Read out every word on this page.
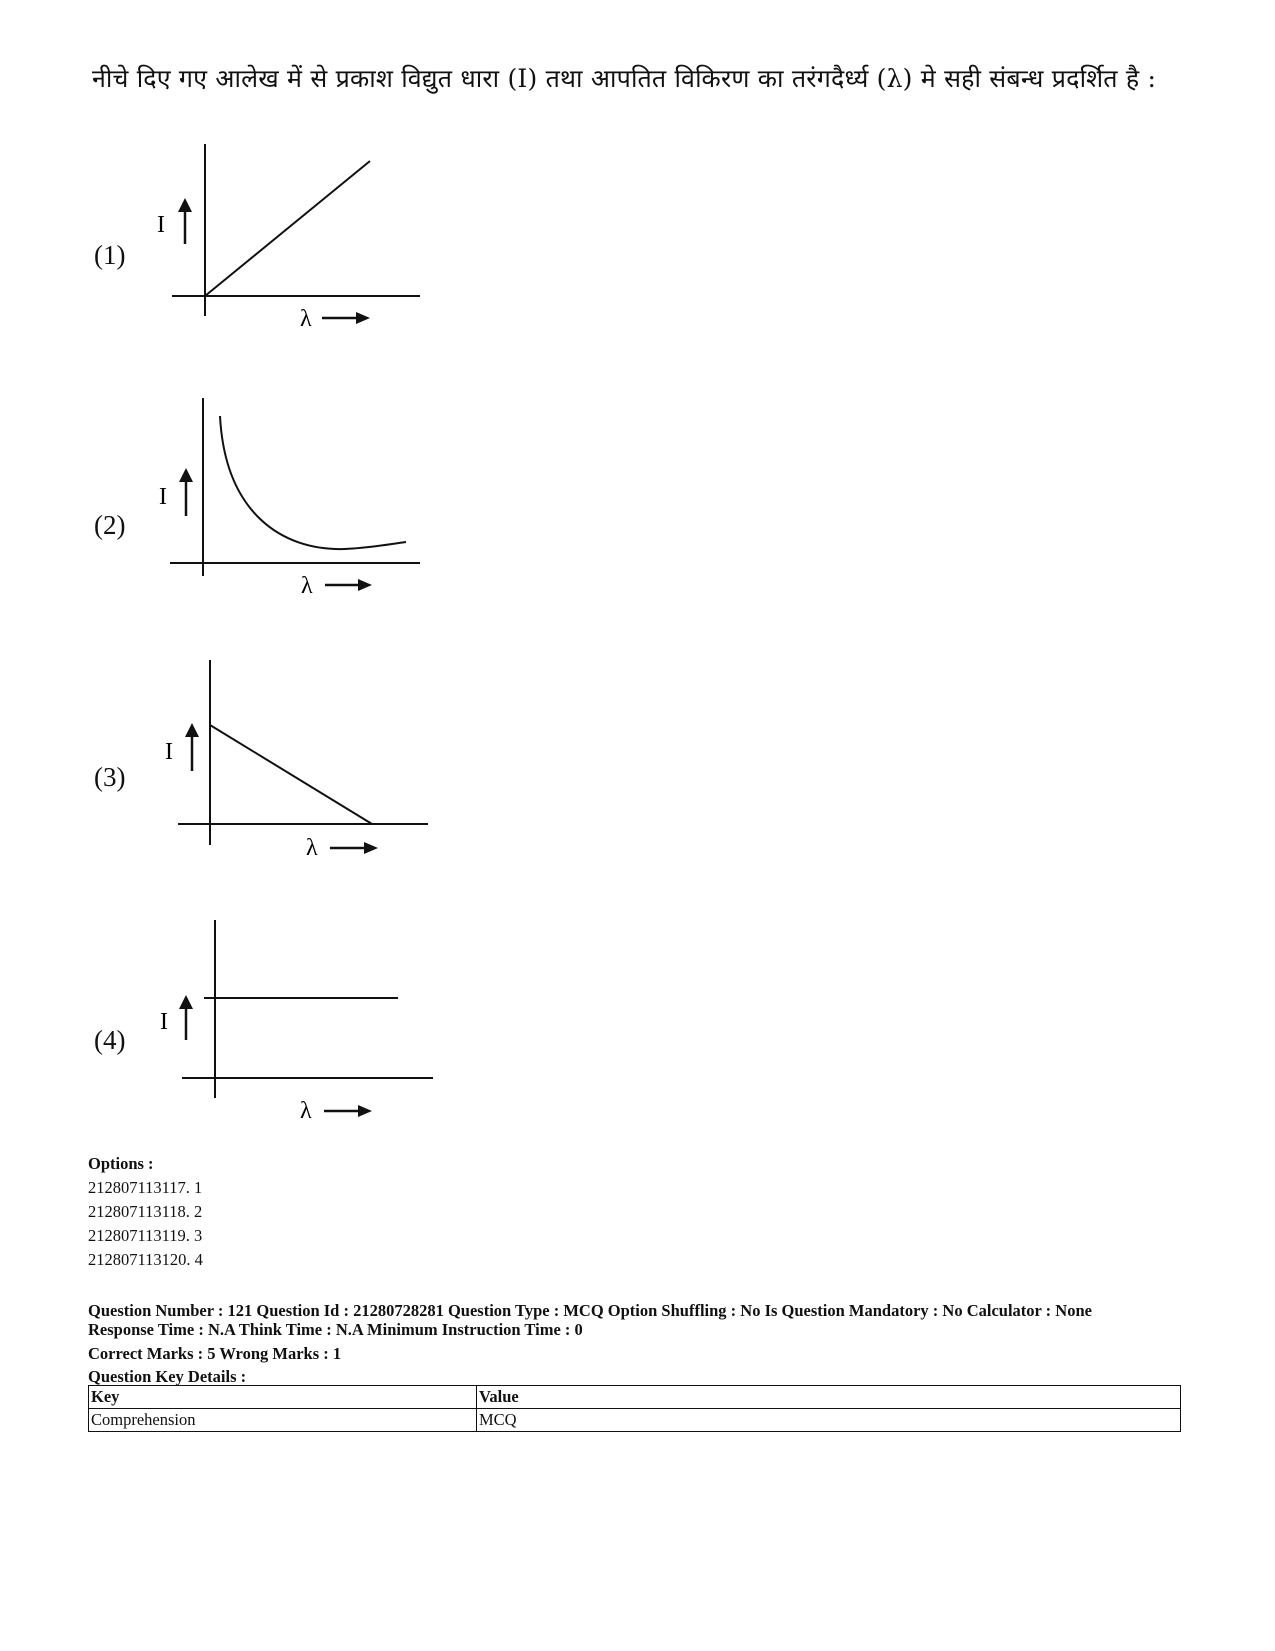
नीचे दिए गए आलेख में से प्रकाश विद्युत धारा (I) तथा आपतित विकिरण का तरंगदैर्ध्य (λ) मे सही संबन्ध प्रदर्शित है :
(1)
I
λ
(2)
I
λ
(3)
I
λ
(4)
I
λ
Options :
212807113117. 1
212807113118. 2
212807113119. 3
212807113120. 4
Question Number : 121 Question Id : 21280728281 Question Type : MCQ Option Shuffling : No Is Question Mandatory : No Calculator : None
Response Time : N.A Think Time : N.A Minimum Instruction Time : 0
Correct Marks : 5 Wrong Marks : 1
Question Key Details :
Key	Value
Comprehension	MCQ
